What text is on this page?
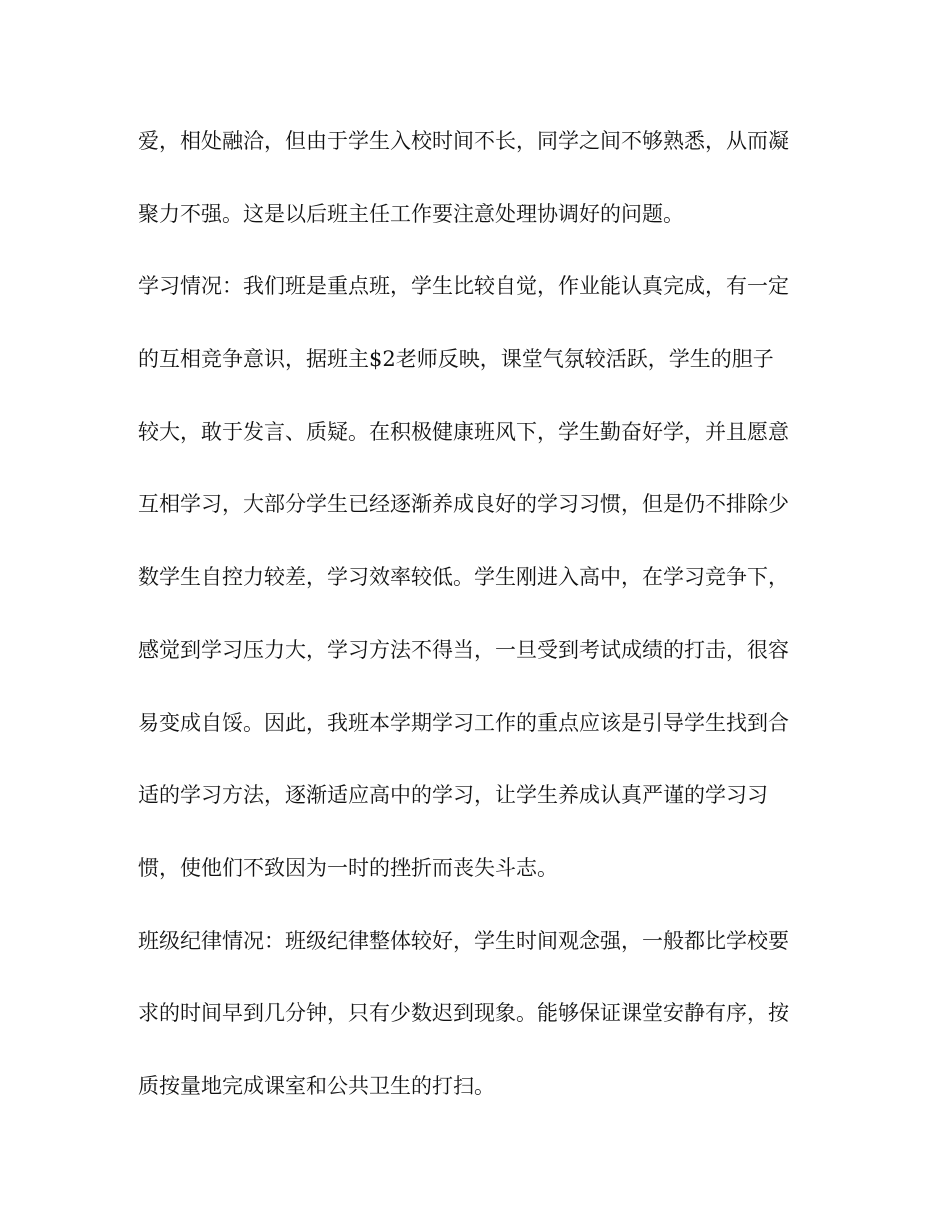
爱，相处融洽，但由于学生入校时间不长，同学之间不够熟悉，从而凝
聚力不强。这是以后班主任工作要注意处理协调好的问题。
学习情况：我们班是重点班，学生比较自觉，作业能认真完成，有一定
的互相竞争意识，据班主$2老师反映，课堂气氛较活跃，学生的胆子
较大，敢于发言、质疑。在积极健康班风下，学生勤奋好学，并且愿意
互相学习，大部分学生已经逐渐养成良好的学习习惯，但是仍不排除少
数学生自控力较差，学习效率较低。学生刚进入高中，在学习竞争下，
感觉到学习压力大，学习方法不得当，一旦受到考试成绩的打击，很容
易变成自馁。因此，我班本学期学习工作的重点应该是引导学生找到合
适的学习方法，逐渐适应高中的学习，让学生养成认真严谨的学习习
惯，使他们不致因为一时的挫折而丧失斗志。
班级纪律情况：班级纪律整体较好，学生时间观念强，一般都比学校要
求的时间早到几分钟，只有少数迟到现象。能够保证课堂安静有序，按
质按量地完成课室和公共卫生的打扫。
